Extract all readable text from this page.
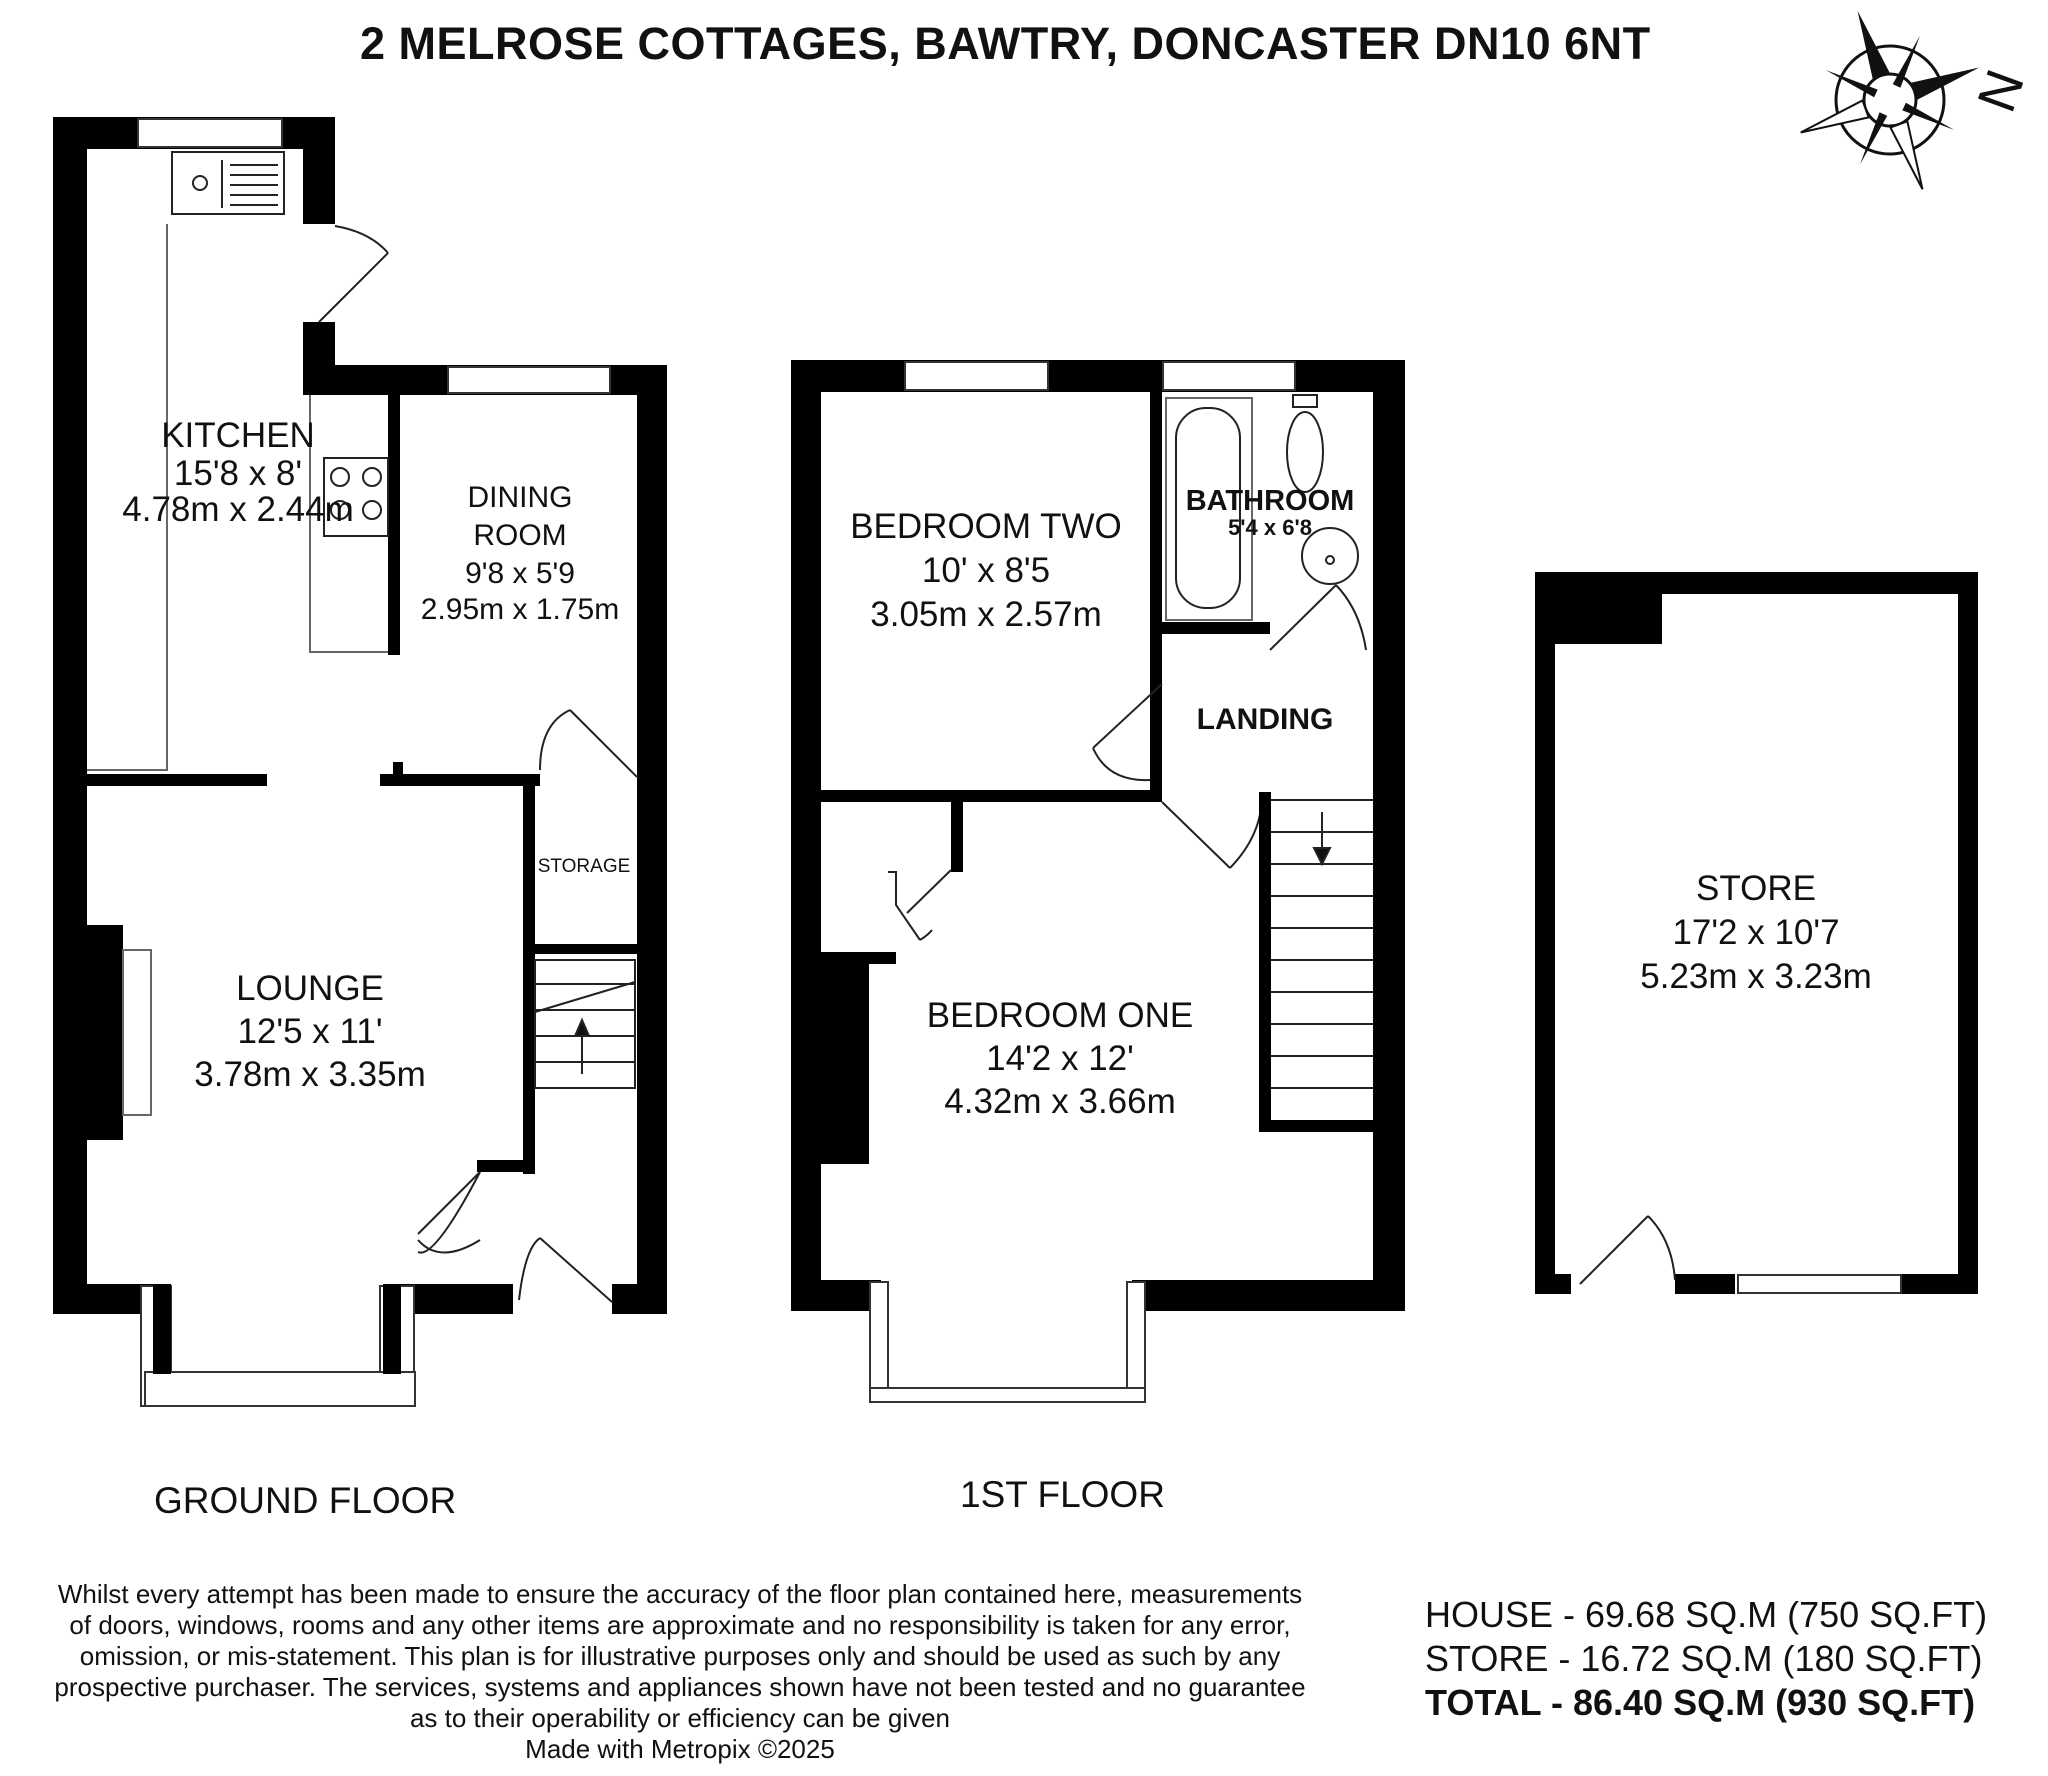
2 MELROSE COTTAGES, BAWTRY, DONCASTER DN10 6NT
N
KITCHEN
15'8 x 8'
4.78m x 2.44m	DINING
ROOM
9'8 x 5'9
2.95m x 1.75m
STORAGE
LOUNGE
12'5 x 11'
3.78m x 3.35m
BEDROOM TWO
10' x 8'5
3.05m x 2.57m
BATHROOM
5'4 x 6'8
LANDING
BEDROOM ONE
14'2 x 12'
4.32m x 3.66m
STORE
17'2 x 10'7
5.23m x 3.23m
GROUND FLOOR	1ST FLOOR
Whilst every attempt has been made to ensure the accuracy of the floor plan contained here, measurements
of doors, windows, rooms and any other items are approximate and no responsibility is taken for any error,
omission, or mis-statement. This plan is for illustrative purposes only and should be used as such by any
prospective purchaser. The services, systems and appliances shown have not been tested and no guarantee
as to their operability or efficiency can be given
Made with Metropix ©2025
HOUSE - 69.68 SQ.M (750 SQ.FT)
STORE - 16.72 SQ.M (180 SQ.FT)
TOTAL - 86.40 SQ.M (930 SQ.FT)
